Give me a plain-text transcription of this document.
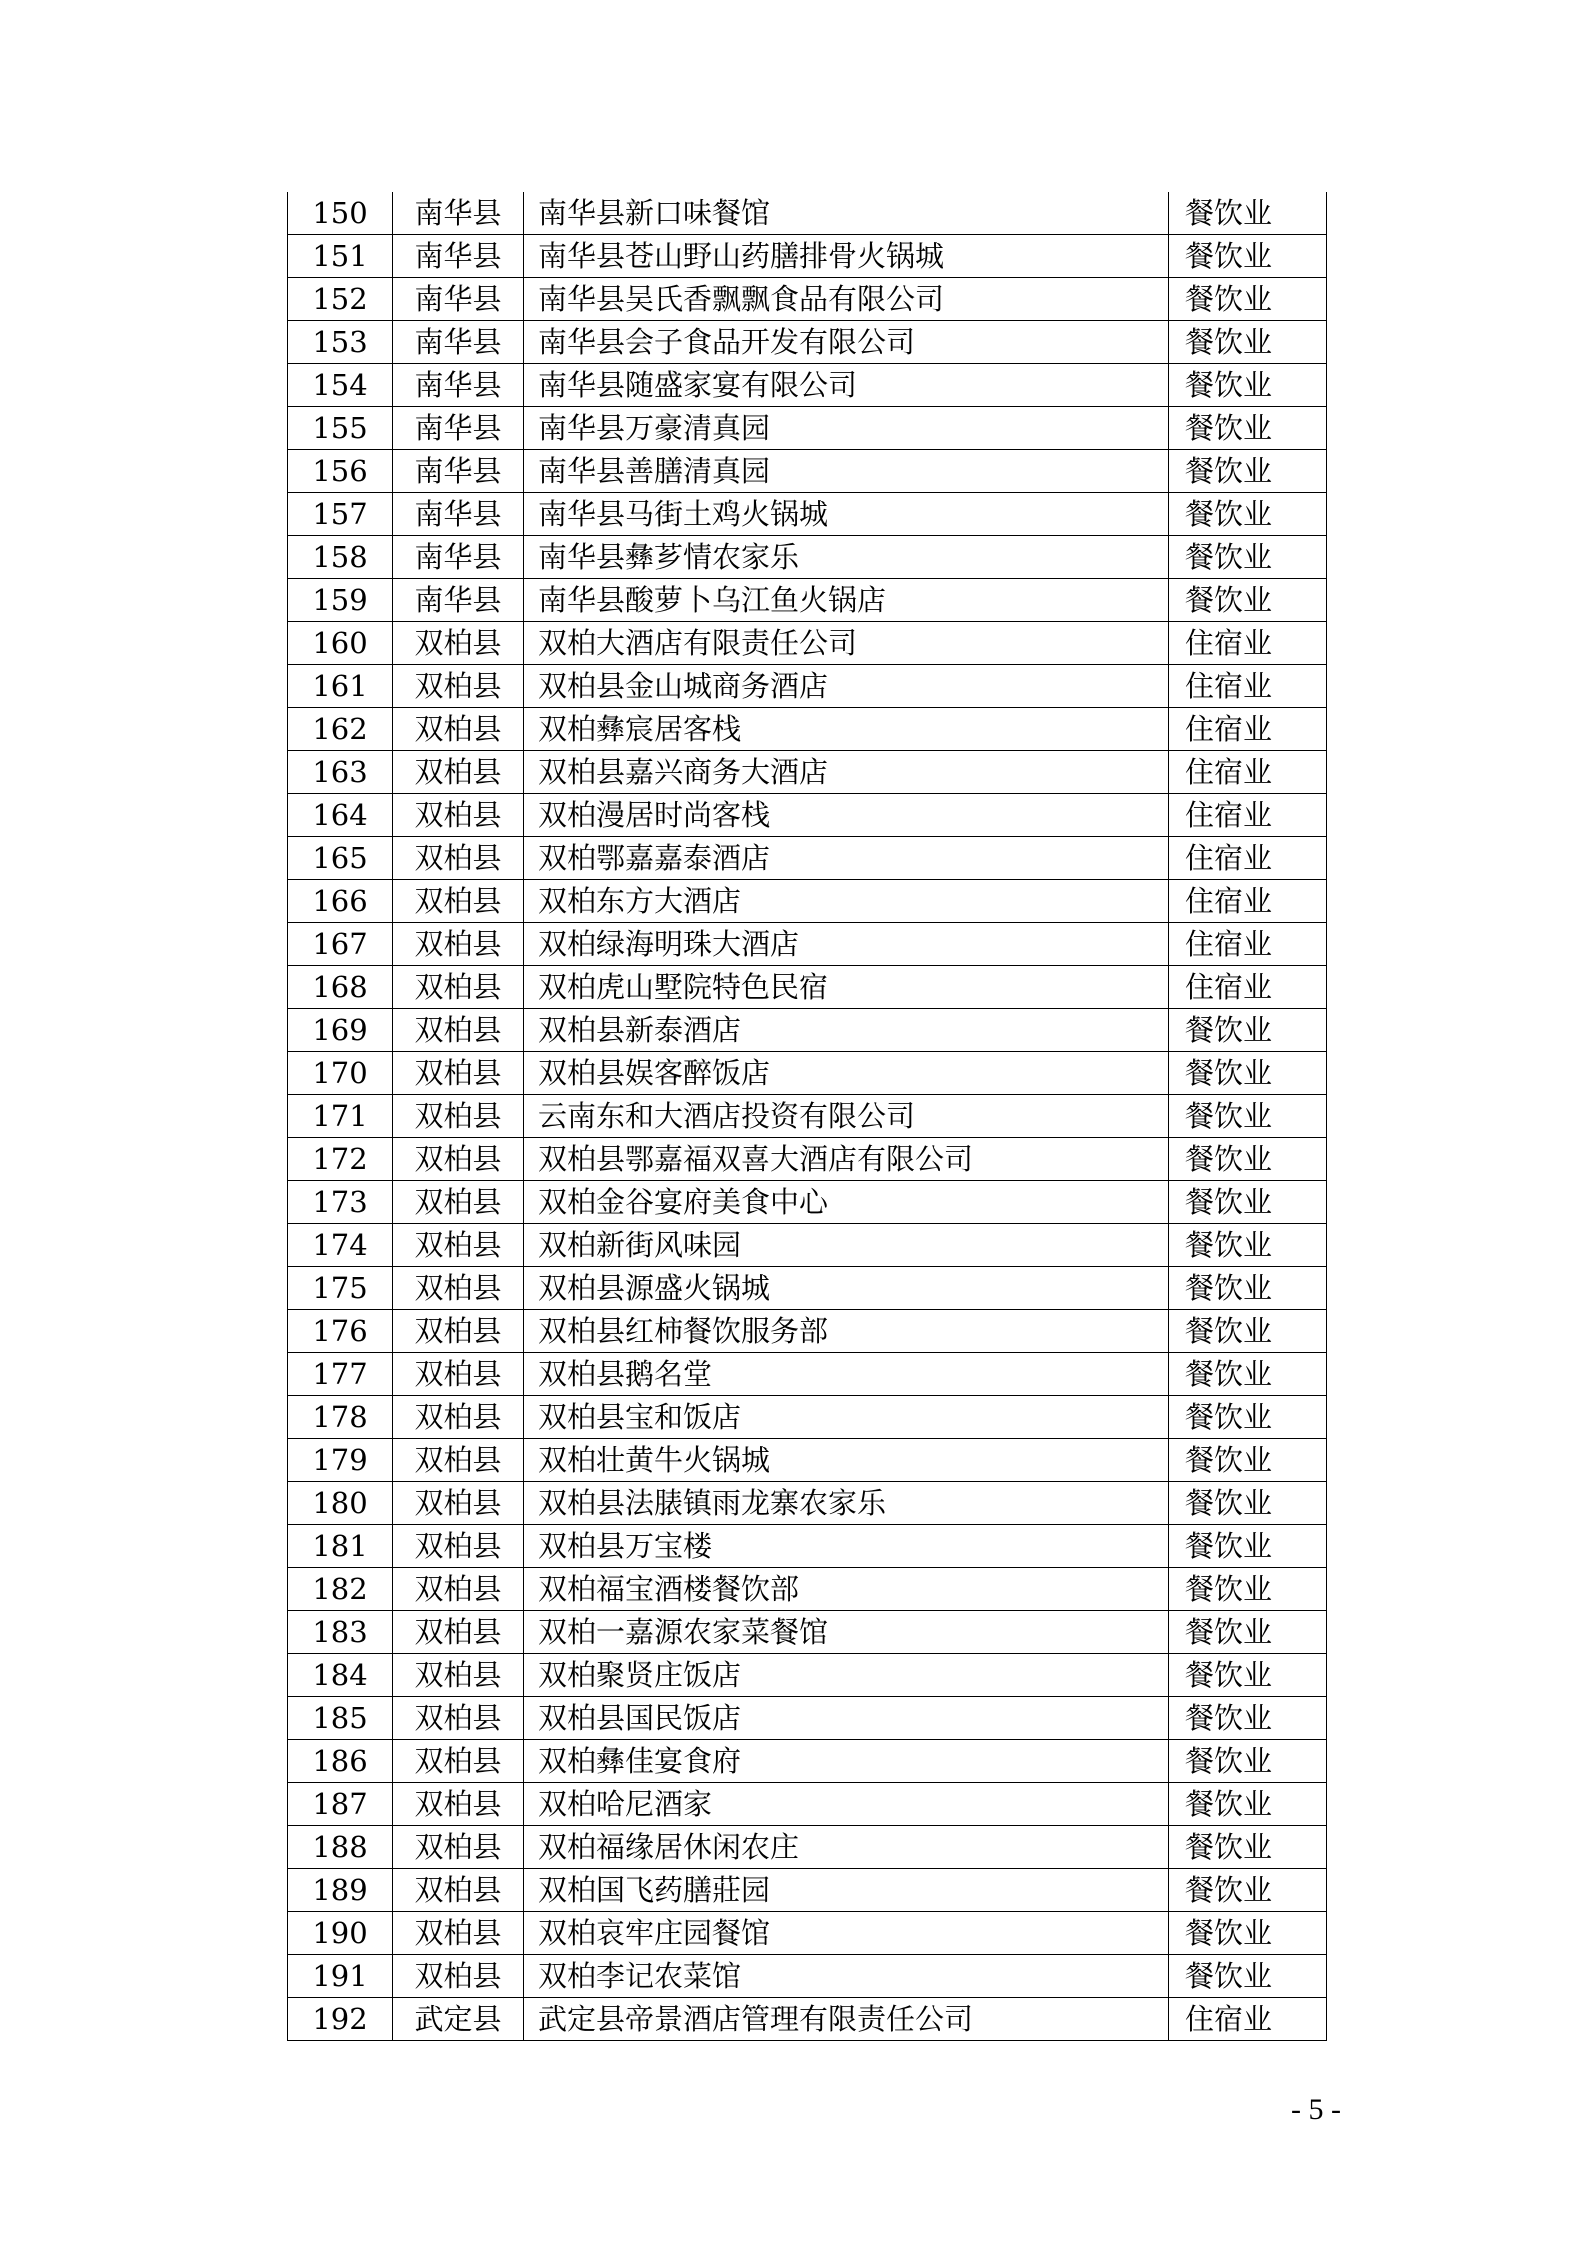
150	南华县	南华县新口味餐馆	餐饮业
151	南华县	南华县苍山野山药膳排骨火锅城	餐饮业
152	南华县	南华县吴氏香飘飘食品有限公司	餐饮业
153	南华县	南华县会子食品开发有限公司	餐饮业
154	南华县	南华县随盛家宴有限公司	餐饮业
155	南华县	南华县万豪清真园	餐饮业
156	南华县	南华县善膳清真园	餐饮业
157	南华县	南华县马街土鸡火锅城	餐饮业
158	南华县	南华县彝芗情农家乐	餐饮业
159	南华县	南华县酸萝卜乌江鱼火锅店	餐饮业
160	双柏县	双柏大酒店有限责任公司	住宿业
161	双柏县	双柏县金山城商务酒店	住宿业
162	双柏县	双柏彝宸居客栈	住宿业
163	双柏县	双柏县嘉兴商务大酒店	住宿业
164	双柏县	双柏漫居时尚客栈	住宿业
165	双柏县	双柏鄂嘉嘉泰酒店	住宿业
166	双柏县	双柏东方大酒店	住宿业
167	双柏县	双柏绿海明珠大酒店	住宿业
168	双柏县	双柏虎山墅院特色民宿	住宿业
169	双柏县	双柏县新泰酒店	餐饮业
170	双柏县	双柏县娱客醉饭店	餐饮业
171	双柏县	云南东和大酒店投资有限公司	餐饮业
172	双柏县	双柏县鄂嘉福双喜大酒店有限公司	餐饮业
173	双柏县	双柏金谷宴府美食中心	餐饮业
174	双柏县	双柏新街风味园	餐饮业
175	双柏县	双柏县源盛火锅城	餐饮业
176	双柏县	双柏县红柿餐饮服务部	餐饮业
177	双柏县	双柏县鹅名堂	餐饮业
178	双柏县	双柏县宝和饭店	餐饮业
179	双柏县	双柏壮黄牛火锅城	餐饮业
180	双柏县	双柏县法脿镇雨龙寨农家乐	餐饮业
181	双柏县	双柏县万宝楼	餐饮业
182	双柏县	双柏福宝酒楼餐饮部	餐饮业
183	双柏县	双柏一嘉源农家菜餐馆	餐饮业
184	双柏县	双柏聚贤庄饭店	餐饮业
185	双柏县	双柏县国民饭店	餐饮业
186	双柏县	双柏彝佳宴食府	餐饮业
187	双柏县	双柏哈尼酒家	餐饮业
188	双柏县	双柏福缘居休闲农庄	餐饮业
189	双柏县	双柏国飞药膳莊园	餐饮业
190	双柏县	双柏哀牢庄园餐馆	餐饮业
191	双柏县	双柏李记农菜馆	餐饮业
192	武定县	武定县帝景酒店管理有限责任公司	住宿业
- 5 -
